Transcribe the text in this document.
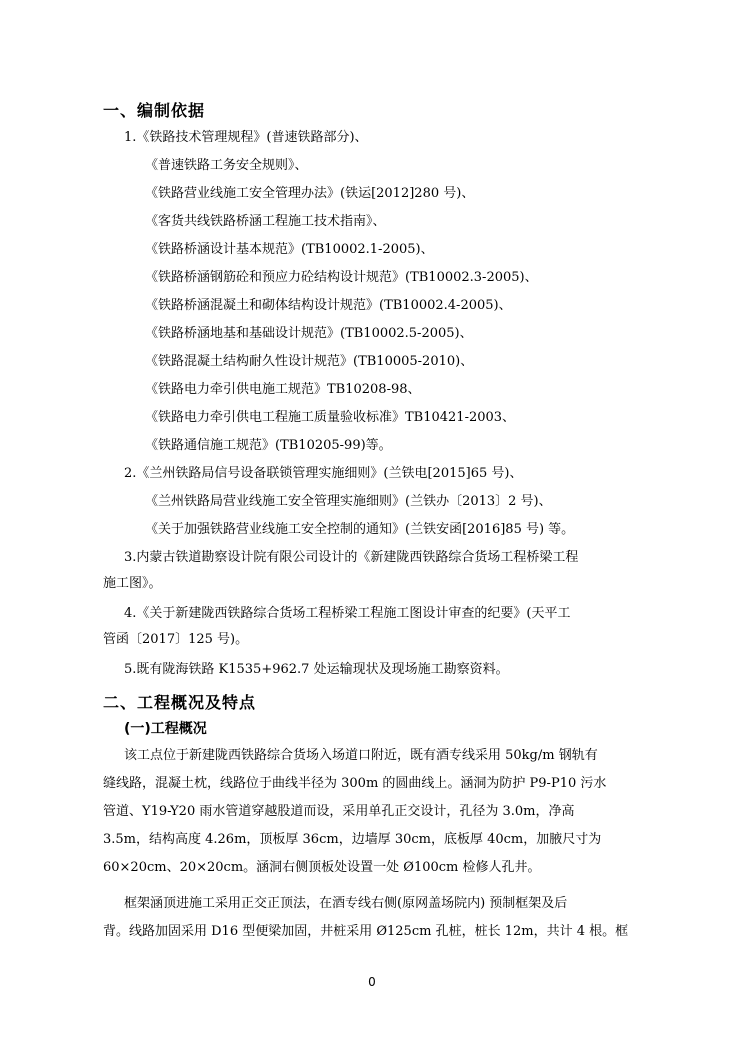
一、编制依据
1.《铁路技术管理规程》(普速铁路部分)、
《普速铁路工务安全规则》、
《铁路营业线施工安全管理办法》(铁运[2012]280 号)、
《客货共线铁路桥涵工程施工技术指南》、
《铁路桥涵设计基本规范》(TB10002.1-2005)、
《铁路桥涵钢筋砼和预应力砼结构设计规范》(TB10002.3-2005)、
《铁路桥涵混凝土和砌体结构设计规范》(TB10002.4-2005)、
《铁路桥涵地基和基础设计规范》(TB10002.5-2005)、
《铁路混凝土结构耐久性设计规范》(TB10005-2010)、
《铁路电力牵引供电施工规范》TB10208-98、
《铁路电力牵引供电工程施工质量验收标准》TB10421-2003、
《铁路通信施工规范》(TB10205-99)等。
2.《兰州铁路局信号设备联锁管理实施细则》(兰铁电[2015]65 号)、
《兰州铁路局营业线施工安全管理实施细则》(兰铁办〔2013〕2 号)、
《关于加强铁路营业线施工安全控制的通知》(兰铁安函[2016]85 号) 等。
3.内蒙古铁道勘察设计院有限公司设计的《新建陇西铁路综合货场工程桥梁工程
施工图》。
4.《关于新建陇西铁路综合货场工程桥梁工程施工图设计审查的纪要》(天平工
管函〔2017〕125 号)。
5.既有陇海铁路 K1535+962.7 处运输现状及现场施工勘察资料。
二、工程概况及特点
(一)工程概况
该工点位于新建陇西铁路综合货场入场道口附近，既有酒专线采用 50kg/m 钢轨有
缝线路，混凝土枕，线路位于曲线半径为 300m 的圆曲线上。涵洞为防护 P9-P10 污水
管道、Y19-Y20 雨水管道穿越股道而设，采用单孔正交设计，孔径为 3.0m，净高
3.5m，结构高度 4.26m，顶板厚 36cm，边墙厚 30cm，底板厚 40cm，加腋尺寸为
60×20cm、20×20cm。涵洞右侧顶板处设置一处 Ø100cm 检修人孔井。
框架涵顶进施工采用正交正顶法，在酒专线右侧(原网盖场院内) 预制框架及后
背。线路加固采用 D16 型便梁加固，井桩采用 Ø125cm 孔桩，桩长 12m，共计 4 根。框
0
